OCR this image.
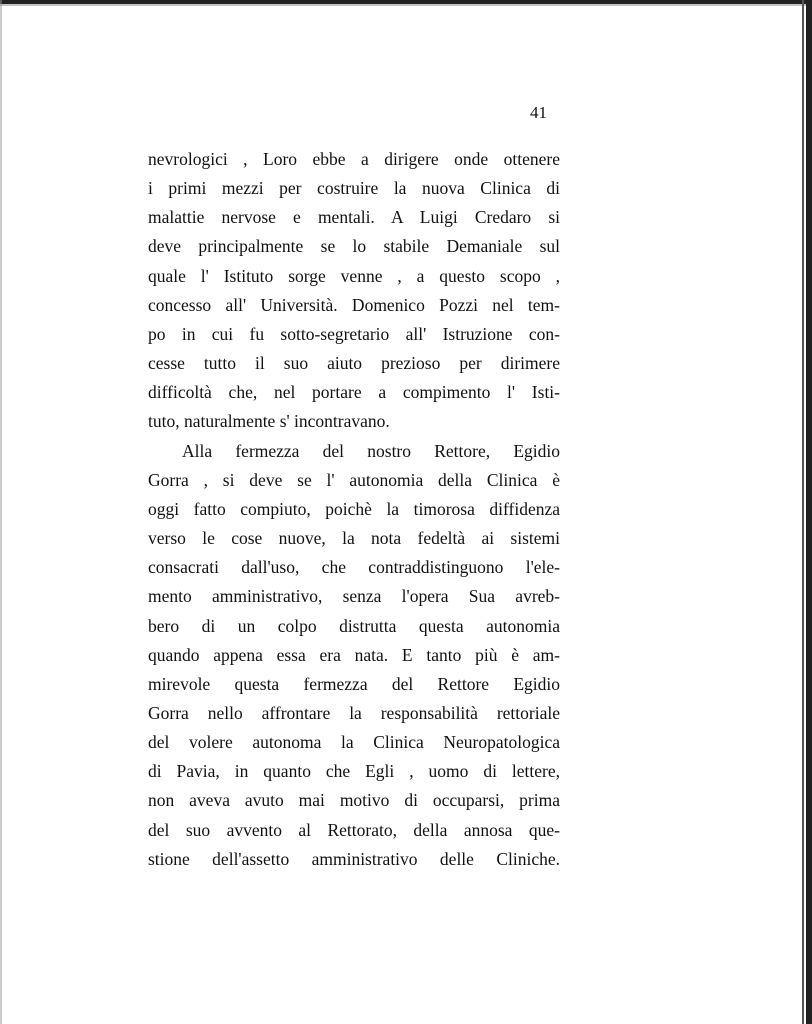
41
nevrologici , Loro ebbe a dirigere onde ottenere
i primi mezzi per costruire la nuova Clinica di
malattie nervose e mentali. A Luigi Credaro si
deve principalmente se lo stabile Demaniale sul
quale l' Istituto sorge venne , a questo scopo ,
concesso all' Università. Domenico Pozzi nel tem-
po in cui fu sotto-segretario all' Istruzione con-
cesse tutto il suo aiuto prezioso per dirimere
difficoltà che, nel portare a compimento l' Isti-
tuto, naturalmente s' incontravano.
Alla fermezza del nostro Rettore, Egidio
Gorra , si deve se l' autonomia della Clinica è
oggi fatto compiuto, poichè la timorosa diffidenza
verso le cose nuove, la nota fedeltà ai sistemi
consacrati dall'uso, che contraddistinguono l'ele-
mento amministrativo, senza l'opera Sua avreb-
bero di un colpo distrutta questa autonomia
quando appena essa era nata. E tanto più è am-
mirevole questa fermezza del Rettore Egidio
Gorra nello affrontare la responsabilità rettoriale
del volere autonoma la Clinica Neuropatologica
di Pavia, in quanto che Egli , uomo di lettere,
non aveva avuto mai motivo di occuparsi, prima
del suo avvento al Rettorato, della annosa que-
stione dell'assetto amministrativo delle Cliniche.
